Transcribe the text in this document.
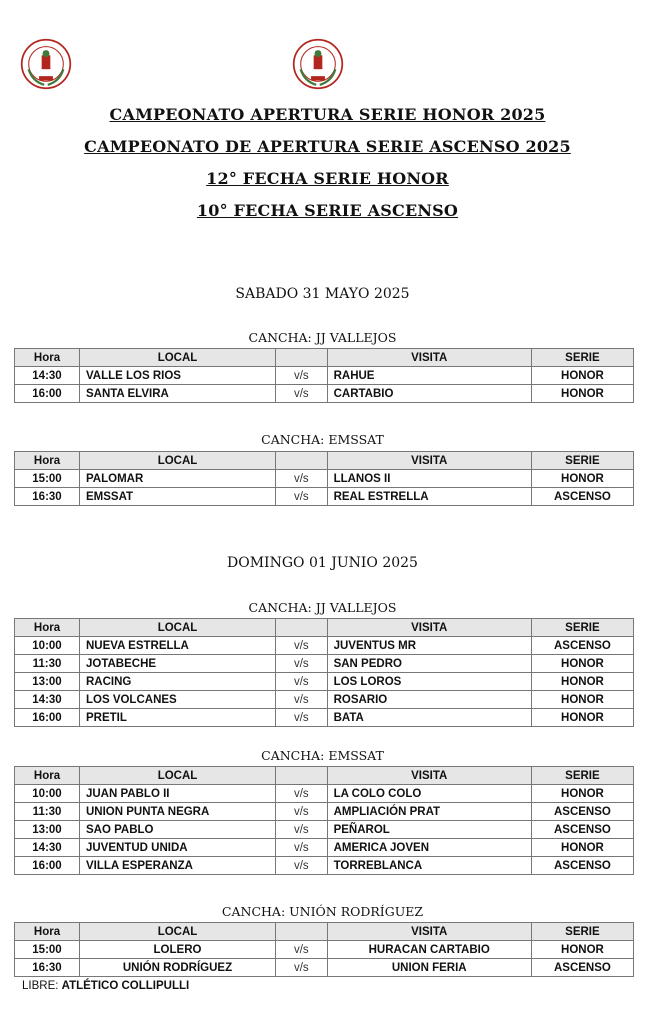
CAMPEONATO APERTURA SERIE HONOR 2025
CAMPEONATO DE APERTURA SERIE ASCENSO 2025
12° FECHA SERIE HONOR
10° FECHA SERIE ASCENSO
SABADO 31 MAYO 2025
CANCHA: JJ VALLEJOS
Hora	LOCAL		VISITA	SERIE
14:30	VALLE LOS RIOS	v/s	RAHUE	HONOR
16:00	SANTA ELVIRA	v/s	CARTABIO	HONOR
CANCHA: EMSSAT
Hora	LOCAL		VISITA	SERIE
15:00	PALOMAR	v/s	LLANOS II	HONOR
16:30	EMSSAT	v/s	REAL ESTRELLA	ASCENSO
DOMINGO 01 JUNIO 2025
CANCHA: JJ VALLEJOS
Hora	LOCAL		VISITA	SERIE
10:00	NUEVA ESTRELLA	v/s	JUVENTUS MR	ASCENSO
11:30	JOTABECHE	v/s	SAN PEDRO	HONOR
13:00	RACING	v/s	LOS LOROS	HONOR
14:30	LOS VOLCANES	v/s	ROSARIO	HONOR
16:00	PRETIL	v/s	BATA	HONOR
CANCHA: EMSSAT
Hora	LOCAL		VISITA	SERIE
10:00	JUAN PABLO II	v/s	LA COLO COLO	HONOR
11:30	UNION PUNTA NEGRA	v/s	AMPLIACIÓN PRAT	ASCENSO
13:00	SAO PABLO	v/s	PEÑAROL	ASCENSO
14:30	JUVENTUD UNIDA	v/s	AMERICA JOVEN	HONOR
16:00	VILLA ESPERANZA	v/s	TORREBLANCA	ASCENSO
CANCHA: UNIÓN RODRÍGUEZ
Hora	LOCAL		VISITA	SERIE
15:00	LOLERO	v/s	HURACAN CARTABIO	HONOR
16:30	UNIÓN RODRÍGUEZ	v/s	UNION FERIA	ASCENSO
LIBRE: ATLÉTICO COLLIPULLI
